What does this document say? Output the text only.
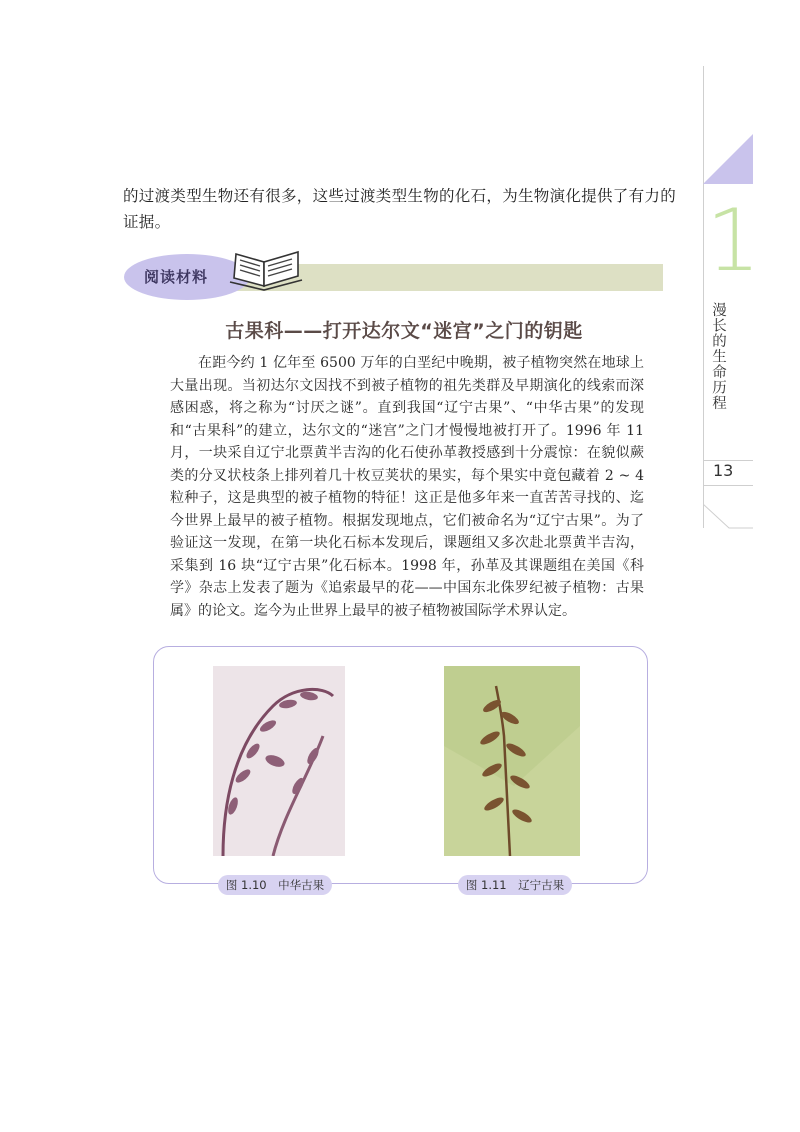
的过渡类型生物还有很多，这些过渡类型生物的化石，为生物演化提供了有力的证据。

阅读材料
古果科——打开达尔文“迷宫”之门的钥匙

在距今约 1 亿年至 6500 万年的白垩纪中晚期，被子植物突然在地球上大量出现。当初达尔文因找不到被子植物的祖先类群及早期演化的线索而深感困惑，将之称为“讨厌之谜”。直到我国“辽宁古果”、“中华古果”的发现和“古果科”的建立，达尔文的“迷宫”之门才慢慢地被打开了。1996 年 11 月，一块采自辽宁北票黄半吉沟的化石使孙革教授感到十分震惊：在貌似蕨类的分叉状枝条上排列着几十枚豆荚状的果实，每个果实中竟包藏着 2 ~ 4 粒种子，这是典型的被子植物的特征！这正是他多年来一直苦苦寻找的、迄今世界上最早的被子植物。根据发现地点，它们被命名为“辽宁古果”。为了验证这一发现，在第一块化石标本发现后，课题组又多次赴北票黄半吉沟，采集到 16 块“辽宁古果”化石标本。1998 年，孙革及其课题组在美国《科学》杂志上发表了题为《追索最早的花——中国东北侏罗纪被子植物：古果属》的论文。迄今为止世界上最早的被子植物被国际学术界认定。

图 1.10　中华古果	图 1.11　辽宁古果
1
漫长的生命历程
13
